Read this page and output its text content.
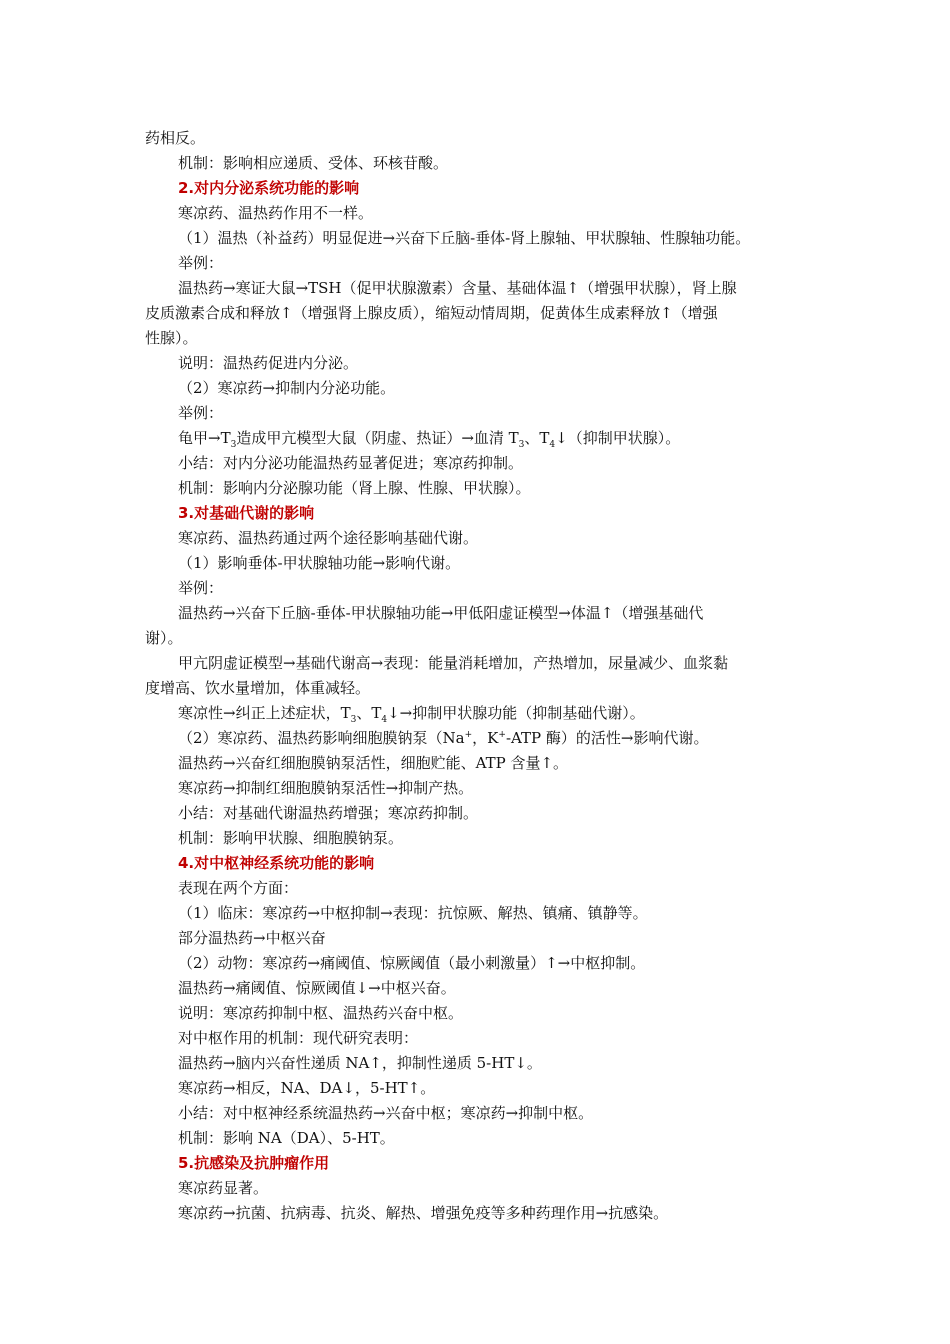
药相反。
机制：影响相应递质、受体、环核苷酸。
2.对内分泌系统功能的影响
寒凉药、温热药作用不一样。
（1）温热（补益药）明显促进→兴奋下丘脑-垂体-肾上腺轴、甲状腺轴、性腺轴功能。
举例：
温热药→寒证大鼠→TSH（促甲状腺激素）含量、基础体温↑（增强甲状腺），肾上腺
皮质激素合成和释放↑（增强肾上腺皮质），缩短动情周期，促黄体生成素释放↑（增强
性腺）。
说明：温热药促进内分泌。
（2）寒凉药→抑制内分泌功能。
举例：
龟甲$\to T_3$造成甲亢模型大鼠（阴虚、热证）→血清 $T_3$、$T_4↓$（抑制甲状腺）。
小结：对内分泌功能温热药显著促进；寒凉药抑制。
机制：影响内分泌腺功能（肾上腺、性腺、甲状腺）。
3.对基础代谢的影响
寒凉药、温热药通过两个途径影响基础代谢。
（1）影响垂体-甲状腺轴功能→影响代谢。
举例：
温热药→兴奋下丘脑-垂体-甲状腺轴功能→甲低阳虚证模型→体温↑（增强基础代
谢）。
甲亢阴虚证模型→基础代谢高→表现：能量消耗增加，产热增加，尿量减少、血浆黏
度增高、饮水量增加，体重减轻。
寒凉性→纠正上述症状，$T_3$、$T_4↓\to$抑制甲状腺功能（抑制基础代谢）。
（2）寒凉药、温热药影响细胞膜钠泵（Na+，K+-ATP 酶）的活性→影响代谢。
温热药→兴奋红细胞膜钠泵活性，细胞贮能、ATP 含量↑。
寒凉药→抑制红细胞膜钠泵活性→抑制产热。
小结：对基础代谢温热药增强；寒凉药抑制。
机制：影响甲状腺、细胞膜钠泵。
4.对中枢神经系统功能的影响
表现在两个方面：
（1）临床：寒凉药→中枢抑制→表现：抗惊厥、解热、镇痛、镇静等。
部分温热药→中枢兴奋
（2）动物：寒凉药→痛阈值、惊厥阈值（最小刺激量）↑→中枢抑制。
温热药→痛阈值、惊厥阈值↓→中枢兴奋。
说明：寒凉药抑制中枢、温热药兴奋中枢。
对中枢作用的机制：现代研究表明：
温热药→脑内兴奋性递质 NA↑，抑制性递质 5-HT↓。
寒凉药→相反，NA、DA↓，5-HT↑。
小结：对中枢神经系统温热药→兴奋中枢；寒凉药→抑制中枢。
机制：影响 NA（DA）、5-HT。
5.抗感染及抗肿瘤作用
寒凉药显著。
寒凉药→抗菌、抗病毒、抗炎、解热、增强免疫等多种药理作用→抗感染。
